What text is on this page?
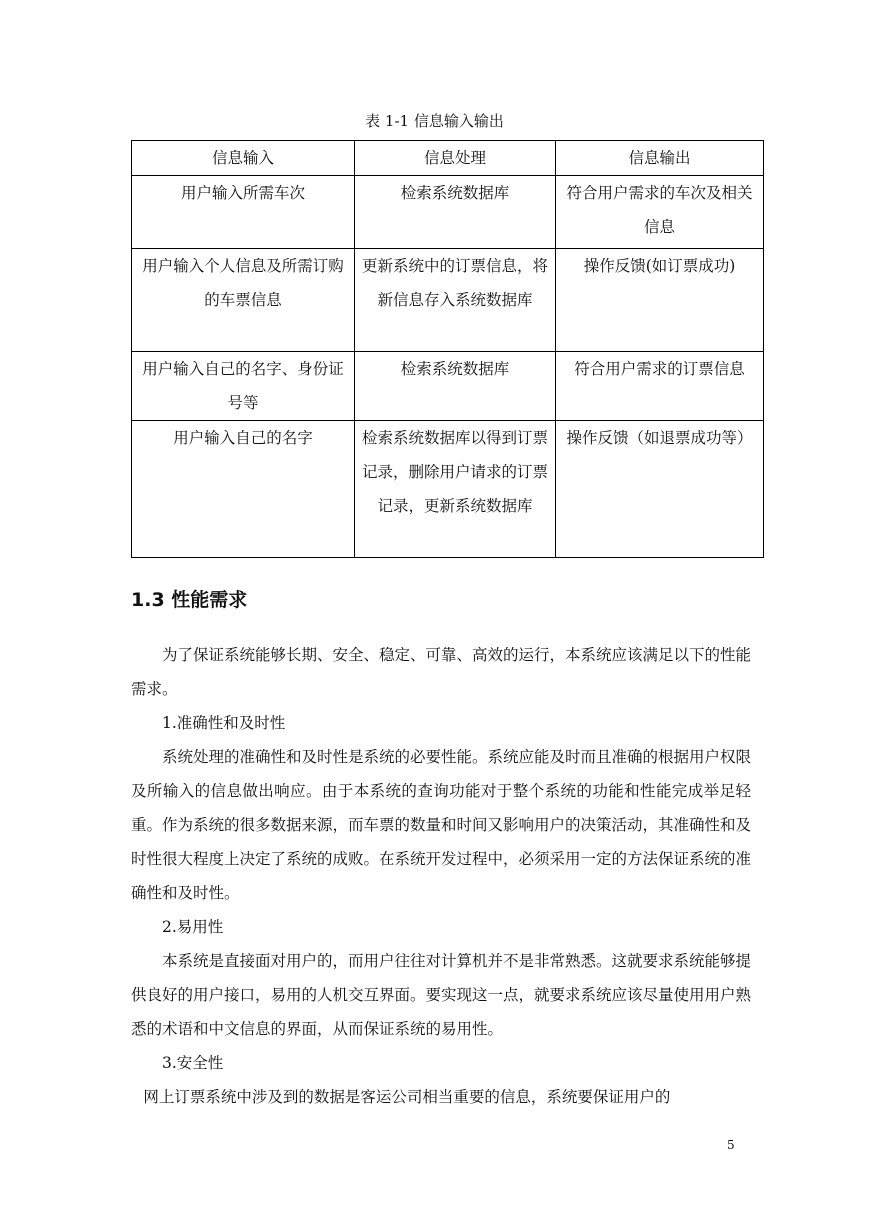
表 1-1 信息输入输出
信息输入	信息处理	信息输出
用户输入所需车次	检索系统数据库	符合用户需求的车次及相关信息
用户输入个人信息及所需订购的车票信息	更新系统中的订票信息，将新信息存入系统数据库	操作反馈(如订票成功)
用户输入自己的名字、身份证号等	检索系统数据库	符合用户需求的订票信息
用户输入自己的名字	检索系统数据库以得到订票记录，删除用户请求的订票记录，更新系统数据库	操作反馈（如退票成功等）
1.3 性能需求

为了保证系统能够长期、安全、稳定、可靠、高效的运行，本系统应该满足以下的性能需求。

1.准确性和及时性

系统处理的准确性和及时性是系统的必要性能。系统应能及时而且准确的根据用户权限及所输入的信息做出响应。由于本系统的查询功能对于整个系统的功能和性能完成举足轻重。作为系统的很多数据来源，而车票的数量和时间又影响用户的决策活动，其准确性和及时性很大程度上决定了系统的成败。在系统开发过程中，必须采用一定的方法保证系统的准确性和及时性。

2.易用性

本系统是直接面对用户的，而用户往往对计算机并不是非常熟悉。这就要求系统能够提供良好的用户接口，易用的人机交互界面。要实现这一点，就要求系统应该尽量使用用户熟悉的术语和中文信息的界面，从而保证系统的易用性。

3.安全性

网上订票系统中涉及到的数据是客运公司相当重要的信息，系统要保证用户的

5
